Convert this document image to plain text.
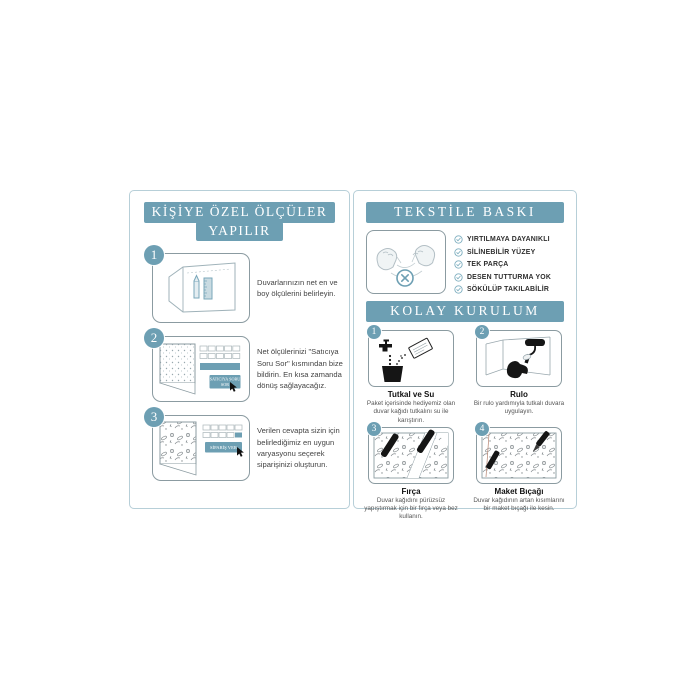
KİŞİYE ÖZEL ÖLÇÜLER
YAPILIR
1

Duvarlarınızın net en ve boy ölçülerini belirleyin.

SATICIYA SORU
SOR
2

Net ölçülerinizi "Satıcıya Soru Sor" kısmından bize bildirin. En kısa zamanda dönüş sağlayacağız.

SİPARİŞ VER
3

Verilen cevapta sizin için belirlediğimiz en uygun varyasyonu seçerek siparişinizi oluşturun.

TEKSTİLE BASKI
YIRTILMAYA DAYANIKLI
SİLİNEBİLİR YÜZEY
TEK PARÇA
DESEN TUTTURMA YOK
SÖKÜLÜP TAKILABİLİR
KOLAY KURULUM
1
Tutkal ve Su
Paket içerisinde hediyemiz olan duvar kağıdı tutkalını su ile karıştırın.
2
Rulo
Bir rulo yardımıyla tutkalı duvara uygulayın.
3
Fırça
Duvar kağıdını pürüzsüz yapıştırmak için bir fırça veya bez kullanın.
4
Maket Bıçağı
Duvar kağıdının artan kısımlarını bir maket bıçağı ile kesin.
